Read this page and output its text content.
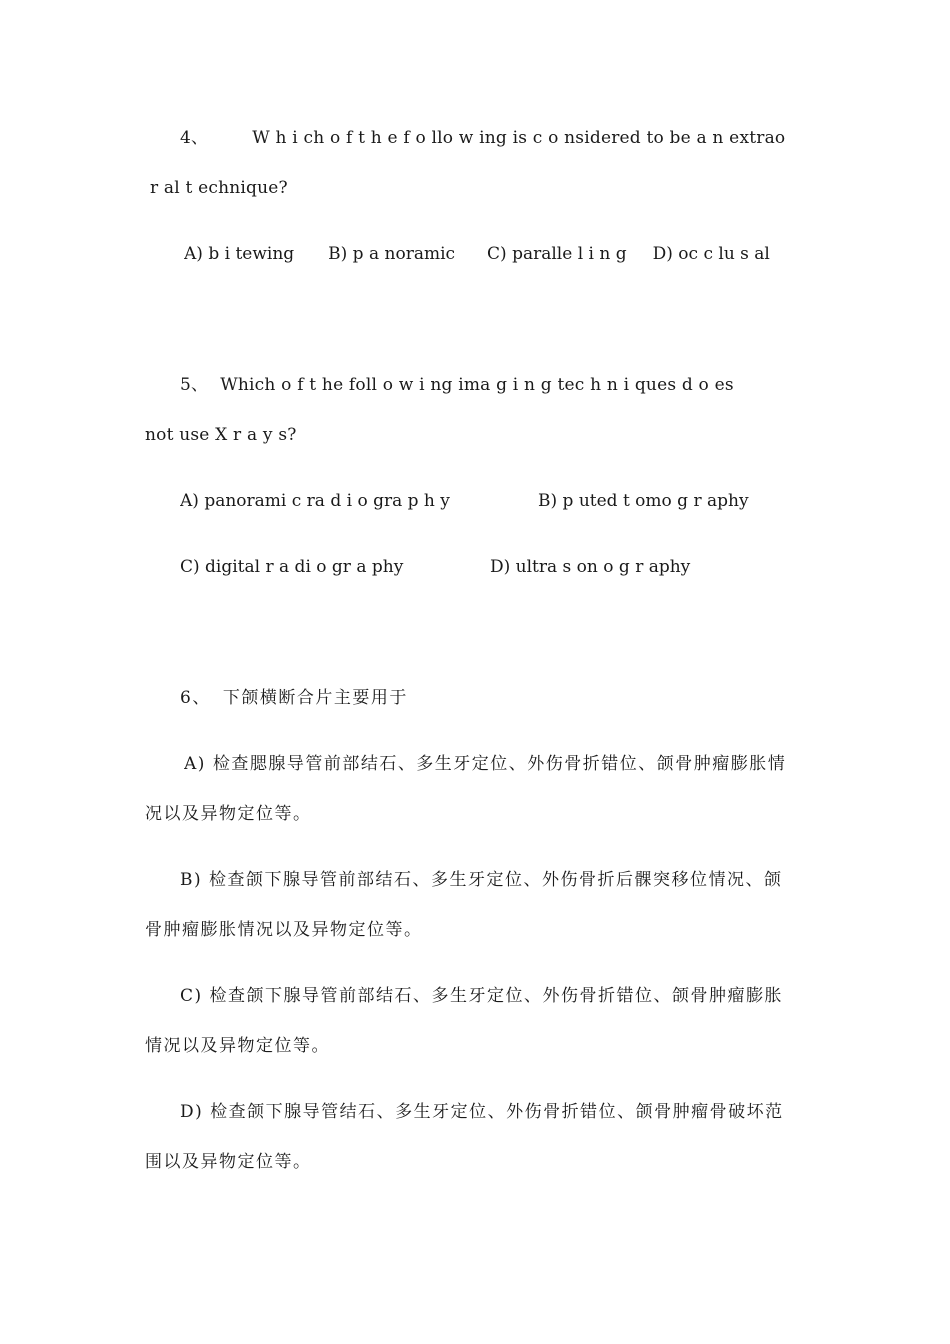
4、	W h i ch o f t h e f o llo w ing is c o nsidered to be a n extrao
r al t echnique?
A) b i tewing B) p a noramic C) paralle l i n g D) oc c lu s al
5、 Which o f t he foll o w i ng ima g i n g tec h n i ques d o es
not use X r a y s?
A) panorami c ra d i o gra p h y	B) p uted t omo g r aphy
C) digital r a di o gr a phy	D) ultra s on o g r aphy
6、 下颌横断合片主要用于
A) 检查腮腺导管前部结石、多生牙定位、外伤骨折错位、颌骨肿瘤膨胀情
况以及异物定位等。
B) 检查颌下腺导管前部结石、多生牙定位、外伤骨折后髁突移位情况、颌
骨肿瘤膨胀情况以及异物定位等。
C) 检查颌下腺导管前部结石、多生牙定位、外伤骨折错位、颌骨肿瘤膨胀
情况以及异物定位等。
D) 检查颌下腺导管结石、多生牙定位、外伤骨折错位、颌骨肿瘤骨破坏范
围以及异物定位等。
